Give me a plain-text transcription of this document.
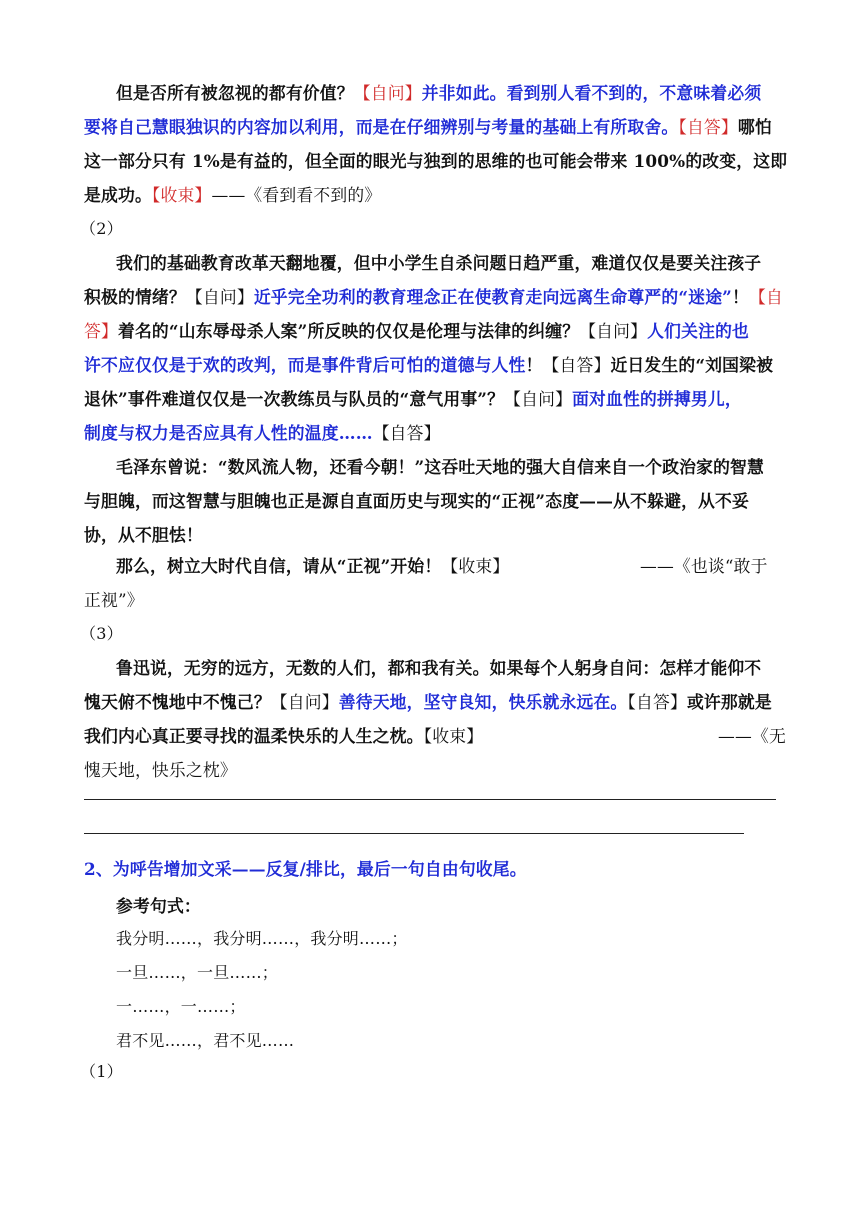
但是否所有被忽视的都有价值？【自问】并非如此。看到别人看不到的，不意味着必须
要将自己慧眼独识的内容加以利用，而是在仔细辨别与考量的基础上有所取舍。【自答】哪怕
这一部分只有 1%是有益的，但全面的眼光与独到的思维的也可能会带来 100%的改变，这即
是成功。【收束】——《看到看不到的》
（2）
我们的基础教育改革天翻地覆，但中小学生自杀问题日趋严重，难道仅仅是要关注孩子
积极的情绪？【自问】近乎完全功利的教育理念正在使教育走向远离生命尊严的“迷途”！【自
答】着名的“山东辱母杀人案”所反映的仅仅是伦理与法律的纠缠？【自问】人们关注的也
许不应仅仅是于欢的改判，而是事件背后可怕的道德与人性！【自答】近日发生的“刘国梁被
退休”事件难道仅仅是一次教练员与队员的“意气用事”？【自问】面对血性的拼搏男儿，
制度与权力是否应具有人性的温度……【自答】
毛泽东曾说：“数风流人物，还看今朝！”这吞吐天地的强大自信来自一个政治家的智慧
与胆魄，而这智慧与胆魄也正是源自直面历史与现实的“正视”态度——从不躲避，从不妥
协，从不胆怯！
那么，树立大时代自信，请从“正视”开始！【收束】	——《也谈“敢于
正视”》
（3）
鲁迅说，无穷的远方，无数的人们，都和我有关。如果每个人躬身自问：怎样才能仰不
愧天俯不愧地中不愧己？【自问】善待天地，坚守良知，快乐就永远在。【自答】或许那就是
我们内心真正要寻找的温柔快乐的人生之枕。【收束】	——《无
愧天地，快乐之枕》
2、为呼告增加文采——反复/排比，最后一句自由句收尾。
参考句式：
我分明……，我分明……，我分明……；
一旦……，一旦……；
一……，一……；
君不见……，君不见……
（1）
